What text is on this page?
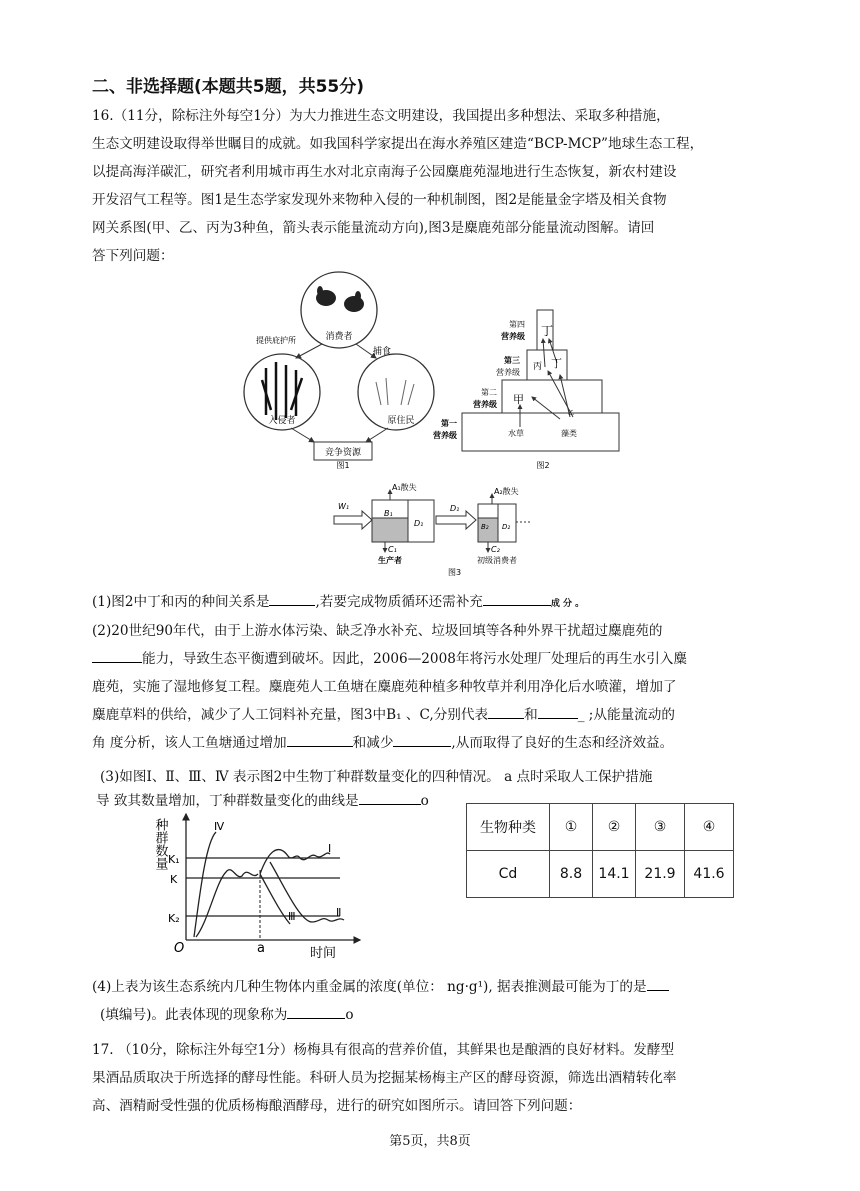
二、非选择题(本题共5题，共55分)
16.（11分，除标注外每空1分）为大力推进生态文明建设，我国提出多种想法、采取多种措施，
生态文明建设取得举世瞩目的成就。如我国科学家提出在海水养殖区建造“BCP-MCP”地球生态工程，
以提高海洋碳汇，研究者利用城市再生水对北京南海子公园麋鹿苑湿地进行生态恢复，新农村建设
开发沼气工程等。图1是生态学家发现外来物种入侵的一种机制图，图2是能量金字塔及相关食物
网关系图(甲、乙、丙为3种鱼，箭头表示能量流动方向),图3是麋鹿苑部分能量流动图解。请回
答下列问题：
消费者
提供庇护所
捕食
入侵者	原住民
竞争资源
图1
第四
营养级
第三
营养级
第二
营养级
第一
营养级
丁
丙 丁
甲
乙
水草	藻类
图2
W₁
A₁散失
B₁
D₁
C₁
生产者
D₁
A₂散失
B₂ D₂
C₂
初级消费者
图3
(1)图2中丁和丙的种间关系是	,若要完成物质循环还需补充	成 分 。
(2)20世纪90年代，由于上游水体污染、缺乏净水补充、垃圾回填等各种外界干扰超过麋鹿苑的
能力，导致生态平衡遭到破坏。因此，2006—2008年将污水处理厂处理后的再生水引入麋
鹿苑，实施了湿地修复工程。麋鹿苑人工鱼塘在麋鹿苑种植多种牧草并利用净化后水喷灌，增加了
麋鹿草料的供给，减少了人工饲料补充量，图3中B₁ 、C,分别代表	和	_ ;从能量流动的
角 度分析，该人工鱼塘通过增加	和减少	,从而取得了良好的生态和经济效益。
(3)如图Ⅰ、Ⅱ、Ⅲ、Ⅳ 表示图2中生物丁种群数量变化的四种情况。 a 点时采取人工保护措施
导 致其数量增加，丁种群数量变化的曲线是	o
种群数量
时间
O
K₁
K
K₂
a
Ⅰ
Ⅱ
Ⅲ
Ⅳ	生物种类	①	②	③	④
Cd	8.8	14.1	21.9	41.6
(4)上表为该生态系统内几种生物体内重金属的浓度(单位： ng·g¹), 据表推测最可能为丁的是
(填编号)。此表体现的现象称为	o
17. （10分，除标注外每空1分）杨梅具有很高的营养价值，其鲜果也是酿酒的良好材料。发酵型
果酒品质取决于所选择的酵母性能。科研人员为挖掘某杨梅主产区的酵母资源，筛选出酒精转化率
高、酒精耐受性强的优质杨梅酿酒酵母，进行的研究如图所示。请回答下列问题：
第5页，共8页
